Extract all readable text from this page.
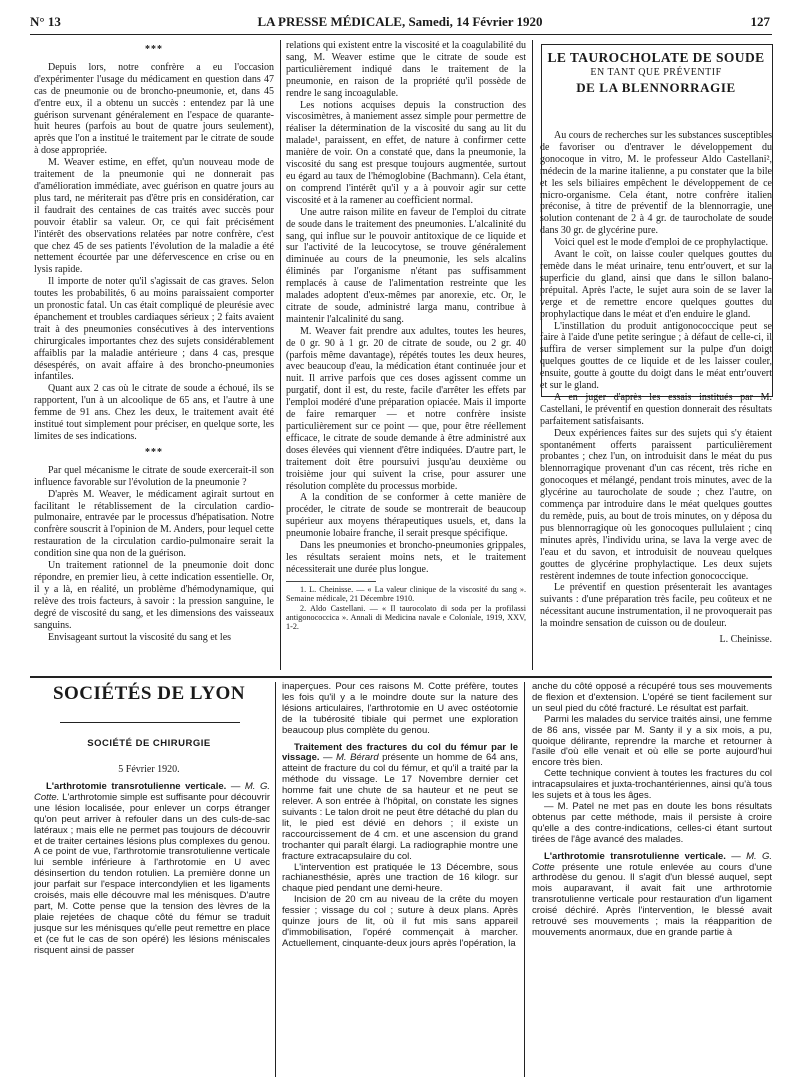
N° 13	LA PRESSE MÉDICALE, Samedi, 14 Février 1920	127
***

Depuis lors, notre confrère a eu l'occasion d'expérimenter l'usage du médicament en question dans 47 cas de pneumonie ou de broncho-pneumonie, et, dans 45 d'entre eux, il a obtenu un succès : entendez par là une guérison survenant généralement en l'espace de quarante-huit heures (parfois au bout de quatre jours seulement), après que l'on a institué le traitement par le citrate de soude à dose appropriée.

M. Weaver estime, en effet, qu'un nouveau mode de traitement de la pneumonie qui ne donnerait pas d'amélioration immédiate, avec guérison en quatre jours au plus tard, ne mériterait pas d'être pris en considération, car il faudrait des centaines de cas traités avec succès pour pouvoir établir sa valeur. Or, ce qui fait précisément l'intérêt des observations relatées par notre confrère, c'est que chez 45 de ses patients l'évolution de la maladie a été nettement écourtée par une défervescence en crise ou en lysis rapide.

Il importe de noter qu'il s'agissait de cas graves. Selon toutes les probabilités, 6 au moins paraissaient comporter un pronostic fatal. Un cas était compliqué de pleurésie avec épanchement et troubles cardiaques sérieux ; 2 faits avaient trait à des pneumonies consécutives à des interventions chirurgicales importantes chez des sujets considérablement affaiblis par la maladie antérieure ; dans 4 cas, presque désespérés, on avait affaire à des broncho-pneumonies infantiles.

Quant aux 2 cas où le citrate de soude a échoué, ils se rapportent, l'un à un alcoolique de 65 ans, et l'autre à une femme de 91 ans. Chez les deux, le traitement avait été institué tout simplement pour préciser, en quelque sorte, les limites de ses indications.

***

Par quel mécanisme le citrate de soude exercerait-il son influence favorable sur l'évolution de la pneumonie ?

D'après M. Weaver, le médicament agirait surtout en facilitant le rétablissement de la circulation cardio-pulmonaire, entravée par le processus d'hépatisation. Notre confrère souscrit à l'opinion de M. Anders, pour lequel cette restauration de la circulation cardio-pulmonaire serait la condition sine qua non de la guérison.

Un traitement rationnel de la pneumonie doit donc répondre, en premier lieu, à cette indication essentielle. Or, il y a là, en réalité, un problème d'hémodynamique, qui relève des trois facteurs, à savoir : la pression sanguine, le degré de viscosité du sang, et les dimensions des vaisseaux sanguins.

Envisageant surtout la viscosité du sang et les

relations qui existent entre la viscosité et la coagulabilité du sang, M. Weaver estime que le citrate de soude est particulièrement indiqué dans le traitement de la pneumonie, en raison de la propriété qu'il possède de rendre le sang incoagulable.

Les notions acquises depuis la construction des viscosimètres, à maniement assez simple pour permettre de réaliser la détermination de la viscosité du sang au lit du malade¹, paraissent, en effet, de nature à confirmer cette manière de voir. On a constaté que, dans la pneumonie, la viscosité du sang est presque toujours augmentée, surtout eu égard au taux de l'hémoglobine (Bachmann). Cela étant, on comprend l'intérêt qu'il y a à pouvoir agir sur cette viscosité et à la ramener au coefficient normal.

Une autre raison milite en faveur de l'emploi du citrate de soude dans le traitement des pneumonies. L'alcalinité du sang, qui influe sur le pouvoir antitoxique de ce liquide et sur l'activité de la leucocytose, se trouve généralement diminuée au cours de la pneumonie, les sels alcalins éliminés par l'organisme n'étant pas suffisamment remplacés à cause de l'alimentation restreinte que les malades adoptent d'eux-mêmes par anorexie, etc. Or, le citrate de soude, administré larga manu, contribue à maintenir l'alcalinité du sang.

M. Weaver fait prendre aux adultes, toutes les heures, de 0 gr. 90 à 1 gr. 20 de citrate de soude, ou 2 gr. 40 (parfois même davantage), répétés toutes les deux heures, avec beaucoup d'eau, la médication étant continuée jour et nuit. Il arrive parfois que ces doses agissent comme un purgatif, dont il est, du reste, facile d'arrêter les effets par l'emploi modéré d'une préparation opiacée. Mais il importe de faire remarquer — et notre confrère insiste particulièrement sur ce point — que, pour être réellement efficace, le citrate de soude demande à être administré aux doses élevées qui viennent d'être indiquées. D'autre part, le traitement doit être poursuivi jusqu'au deuxième ou troisième jour qui suivent la crise, pour assurer une résolution complète du processus morbide.

A la condition de se conformer à cette manière de procéder, le citrate de soude se montrerait de beaucoup supérieur aux moyens thérapeutiques usuels, et, dans la pneumonie lobaire franche, il serait presque spécifique.

Dans les pneumonies et broncho-pneumonies grippales, les résultats seraient moins nets, et le traitement nécessiterait une durée plus longue.

1. L. Cheinisse. — « La valeur clinique de la viscosité du sang ». Semaine médicale, 21 Décembre 1910.

2. Aldo Castellani. — « Il taurocolato di soda per la profilassi antigonococcica ». Annali di Medicina navale e Coloniale, 1919, XXV, 1-2.

LE TAUROCHOLATE DE SOUDE
EN TANT QUE PRÉVENTIF
DE LA BLENNORRAGIE

Au cours de recherches sur les substances susceptibles de favoriser ou d'entraver le développement du gonocoque in vitro, M. le professeur Aldo Castellani², médecin de la marine italienne, a pu constater que la bile et les sels biliaires empêchent le développement de ce micro-organisme. Cela étant, notre confrère italien préconise, à titre de préventif de la blennorragie, une solution contenant de 2 à 4 gr. de taurocholate de soude dans 30 gr. de glycérine pure.

Voici quel est le mode d'emploi de ce prophylactique.

Avant le coït, on laisse couler quelques gouttes du remède dans le méat urinaire, tenu entr'ouvert, et sur la superficie du gland, ainsi que dans le sillon balano-prépuital. Après l'acte, le sujet aura soin de se laver la verge et de remettre encore quelques gouttes du prophylactique dans le méat et d'en enduire le gland.

L'instillation du produit antigonococcique peut se faire à l'aide d'une petite seringue ; à défaut de celle-ci, il suffira de verser simplement sur la pulpe d'un doigt quelques gouttes de ce liquide et de les laisser couler, ensuite, goutte à goutte du doigt dans le méat entr'ouvert et sur le gland.

A en juger d'après les essais institués par M. Castellani, le préventif en question donnerait des résultats parfaitement satisfaisants.

Deux expériences faites sur des sujets qui s'y étaient spontanément offerts paraissent particulièrement probantes ; chez l'un, on introduisit dans le méat du pus blennorragique provenant d'un cas récent, très riche en gonocoques et mélangé, pendant trois minutes, avec de la glycérine au taurocholate de soude ; chez l'autre, on commença par introduire dans le méat quelques gouttes du remède, puis, au bout de trois minutes, on y déposa du pus blennorragique où les gonocoques pullulaient ; cinq minutes après, l'individu urina, se lava la verge avec de l'eau et du savon, et introduisit de nouveau quelques gouttes de glycérine prophylactique. Les deux sujets restèrent indemnes de toute infection gonococcique.

Le préventif en question présenterait les avantages suivants : d'une préparation très facile, peu coûteux et ne nécessitant aucune instrumentation, il ne provoquerait pas la moindre sensation de cuisson ou de douleur.

L. Cheinisse.
SOCIÉTÉS DE LYON
SOCIÉTÉ DE CHIRURGIE
5 Février 1920.

L'arthrotomie transrotulienne verticale. — M. G. Cotte. L'arthrotomie simple est suffisante pour découvrir une lésion localisée, pour enlever un corps étranger qu'on peut arriver à refouler dans un des culs-de-sac latéraux ; mais elle ne permet pas toujours de découvrir et de traiter certaines lésions plus complexes du genou. A ce point de vue, l'arthrotomie transrotulienne verticale lui semble inférieure à l'arthrotomie en U avec désinsertion du tendon rotulien. La première donne un jour parfait sur l'espace intercondylien et les ligaments croisés, mais elle découvre mal les ménisques. D'autre part, M. Cotte pense que la tension des lèvres de la plaie rejetées de chaque côté du fémur se traduit jusque sur les ménisques qu'elle peut remettre en place et (ce fut le cas de son opéré) les lésions méniscales risquent ainsi de passer

inaperçues. Pour ces raisons M. Cotte préfère, toutes les fois qu'il y a le moindre doute sur la nature des lésions articulaires, l'arthrotomie en U avec ostéotomie de la tubérosité tibiale qui permet une exploration beaucoup plus complète du genou.

Traitement des fractures du col du fémur par le vissage. — M. Bérard présente un homme de 64 ans, atteint de fracture du col du fémur, et qu'il a traité par la méthode du vissage. Le 17 Novembre dernier cet homme fait une chute de sa hauteur et ne peut se relever. A son entrée à l'hôpital, on constate les signes suivants : Le talon droit ne peut être détaché du plan du lit, le pied est dévié en dehors ; il existe un raccourcissement de 4 cm. et une ascension du grand trochanter qui paraît élargi. La radiographie montre une fracture extracapsulaire du col.

L'intervention est pratiquée le 13 Décembre, sous rachianesthésie, après une traction de 16 kilogr. sur chaque pied pendant une demi-heure.

Incision de 20 cm au niveau de la crête du moyen fessier ; vissage du col ; suture à deux plans. Après quinze jours de lit, où il fut mis sans appareil d'immobilisation, l'opéré commençait à marcher. Actuellement, cinquante-deux jours après l'opération, la

anche du côté opposé a récupéré tous ses mouvements de flexion et d'extension. L'opéré se tient facilement sur un seul pied du côté fracturé. Le résultat est parfait.

Parmi les malades du service traités ainsi, une femme de 86 ans, vissée par M. Santy il y a six mois, a pu, quoique délirante, reprendre la marche et retourner à l'asile d'où elle venait et où elle se porte aujourd'hui encore très bien.

Cette technique convient à toutes les fractures du col intracapsulaires et juxta-trochantériennes, ainsi qu'à tous les sujets et à tous les âges.

— M. Patel ne met pas en doute les bons résultats obtenus par cette méthode, mais il persiste à croire qu'elle a des contre-indications, celles-ci étant surtout tirées de l'âge avancé des malades.

L'arthrotomie transrotulienne verticale. — M. G. Cotte présente une rotule enlevée au cours d'une arthrodèse du genou. Il s'agit d'un blessé auquel, sept mois auparavant, il avait fait une arthrotomie transrotulienne verticale pour restauration d'un ligament croisé déchiré. Après l'intervention, le blessé avait retrouvé ses mouvements ; mais la réapparition de mouvements anormaux, due en grande partie à
